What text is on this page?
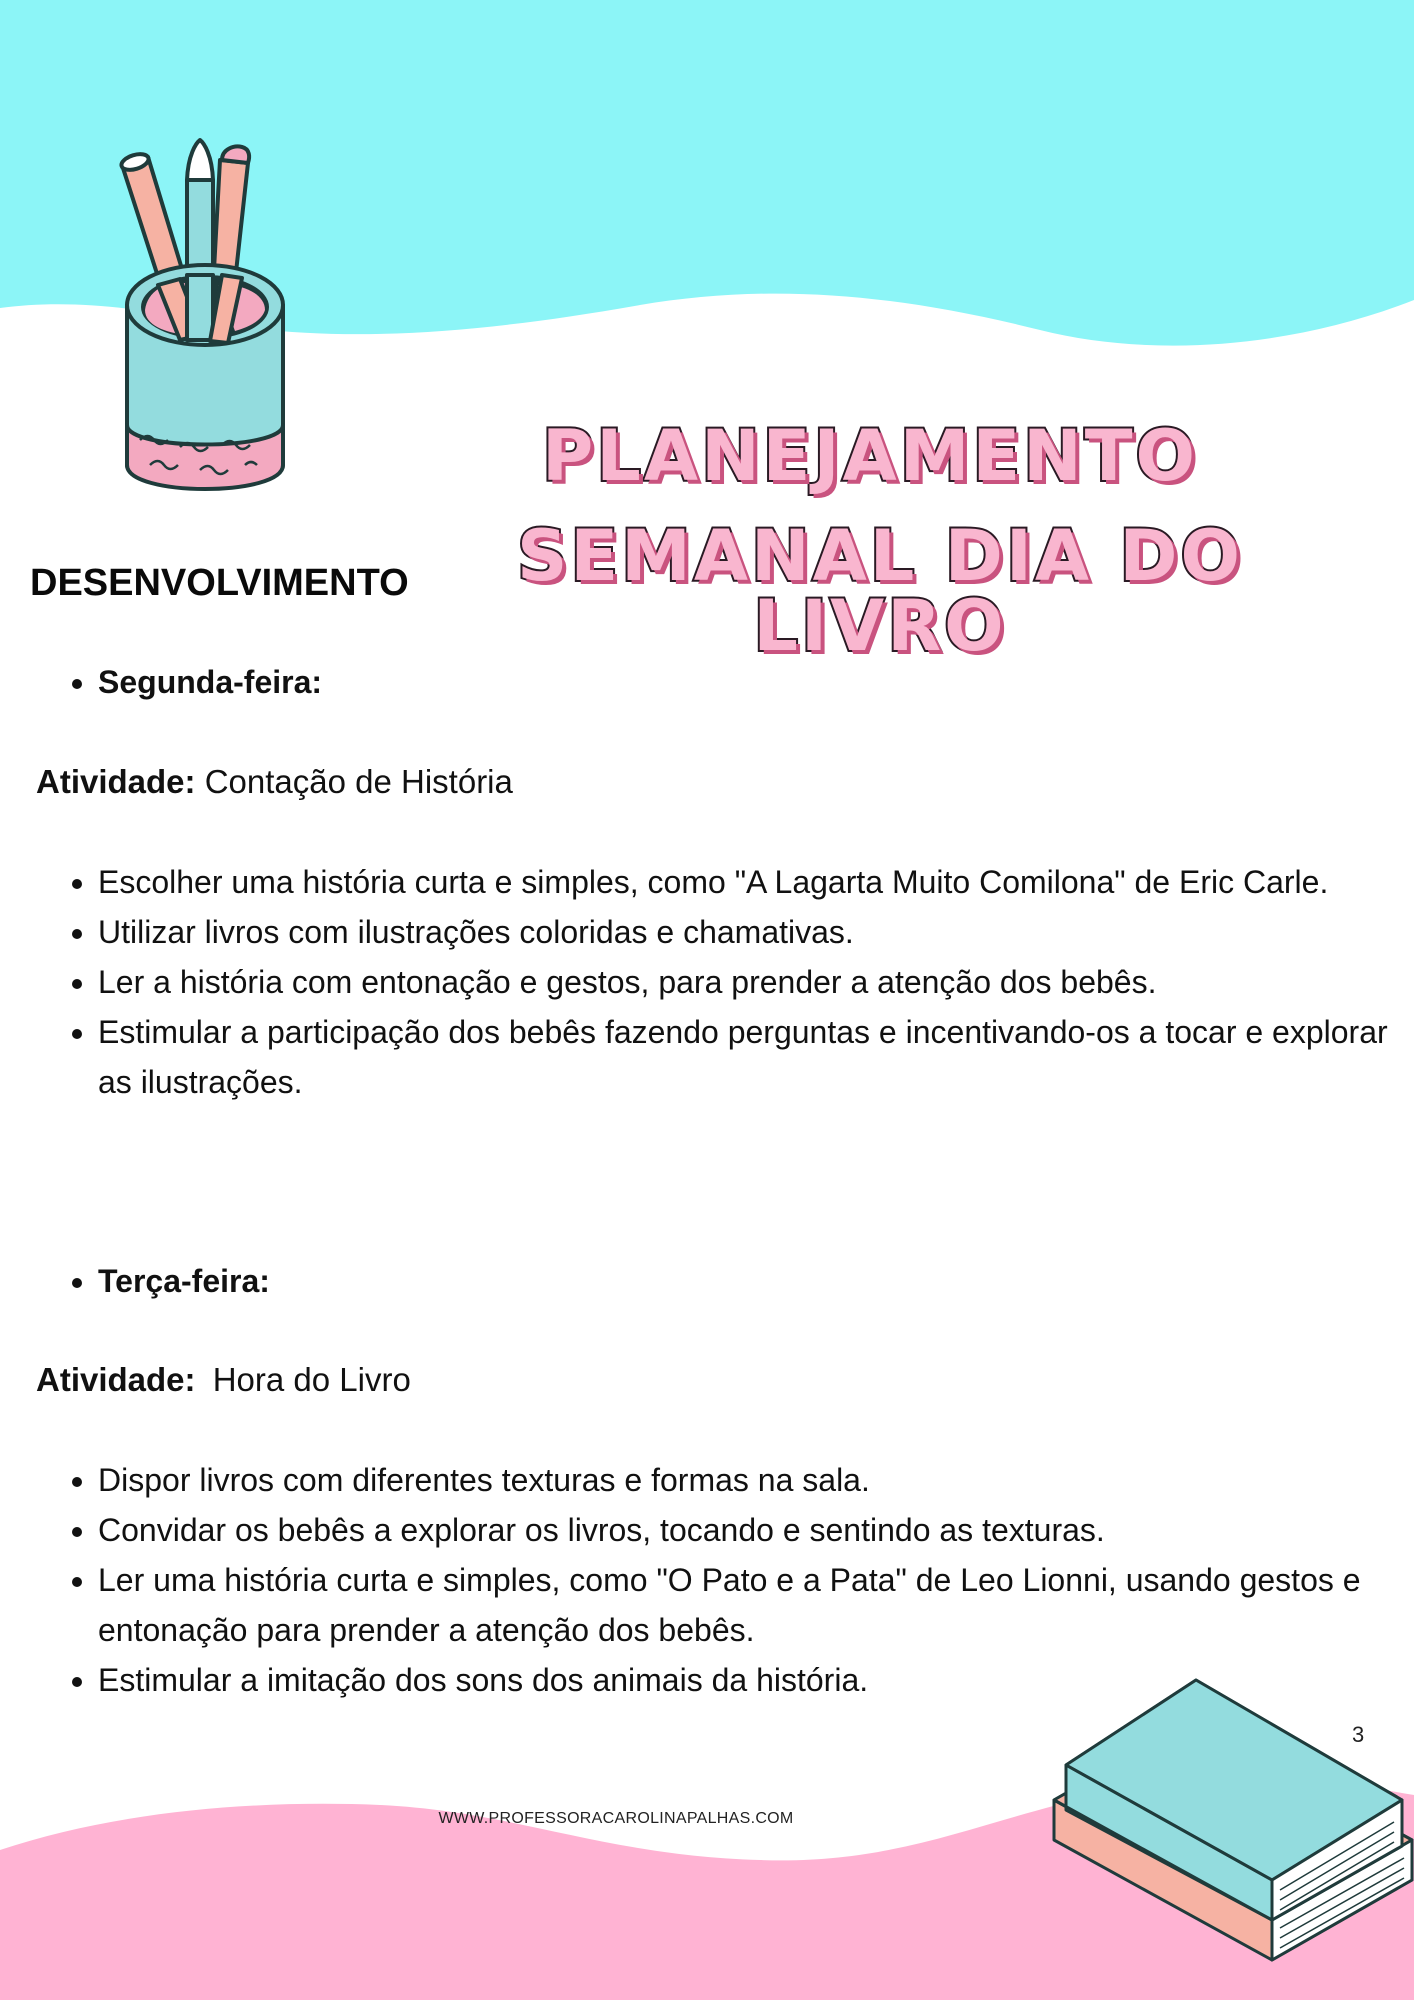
PLANEJAMENTO
SEMANAL DIA DO LIVRO
DESENVOLVIMENTO
• Segunda-feira:

Atividade: Contação de História

• Escolher uma história curta e simples, como "A Lagarta Muito Comilona" de Eric Carle.
• Utilizar livros com ilustrações coloridas e chamativas.
• Ler a história com entonação e gestos, para prender a atenção dos bebês.
• Estimular a participação dos bebês fazendo perguntas e incentivando-os a tocar e explorar as ilustrações.
• Terça-feira:

Atividade: Hora do Livro

• Dispor livros com diferentes texturas e formas na sala.
• Convidar os bebês a explorar os livros, tocando e sentindo as texturas.
• Ler uma história curta e simples, como "O Pato e a Pata" de Leo Lionni, usando gestos e entonação para prender a atenção dos bebês.
• Estimular a imitação dos sons dos animais da história.
WWW.PROFESSORACAROLINAPALHAS.COM
3
